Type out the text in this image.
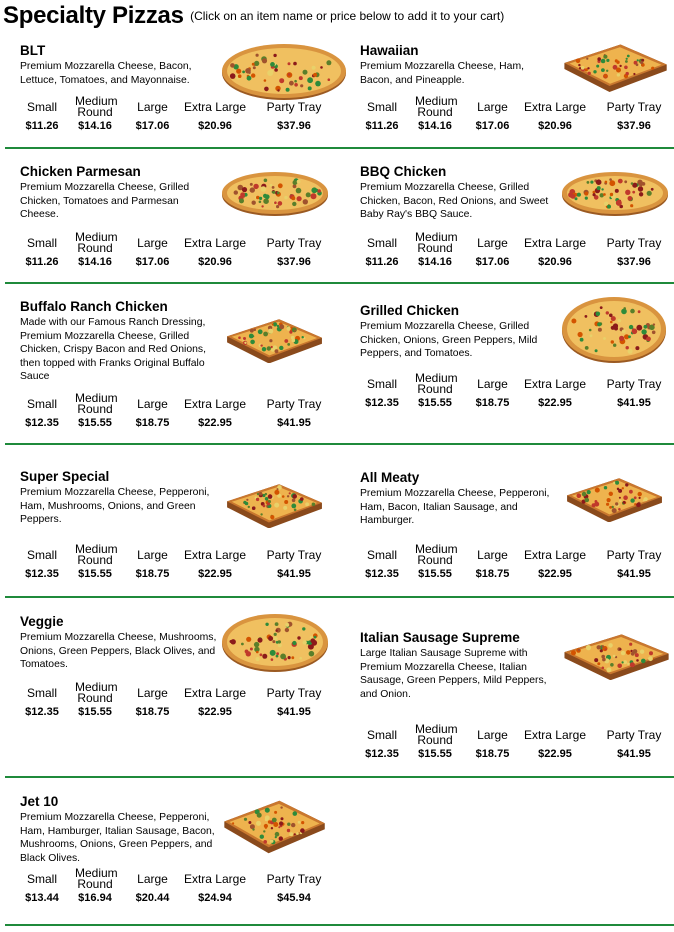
Specialty Pizzas (Click on an item name or price below to add it to your cart)
BLT
Premium Mozzarella Cheese, Bacon, Lettuce, Tomatoes, and Mayonnaise.
Small
$11.26
Medium Round
$14.16
Large
$17.06
Extra Large
$20.96
Party Tray
$37.96
Hawaiian
Premium Mozzarella Cheese, Ham, Bacon, and Pineapple.
Small
$11.26
Medium Round
$14.16
Large
$17.06
Extra Large
$20.96
Party Tray
$37.96
Chicken Parmesan
Premium Mozzarella Cheese, Grilled Chicken, Tomatoes and Parmesan Cheese.
Small
$11.26
Medium Round
$14.16
Large
$17.06
Extra Large
$20.96
Party Tray
$37.96
BBQ Chicken
Premium Mozzarella Cheese, Grilled Chicken, Bacon, Red Onions, and Sweet Baby Ray's BBQ Sauce.
Small
$11.26
Medium Round
$14.16
Large
$17.06
Extra Large
$20.96
Party Tray
$37.96
Buffalo Ranch Chicken
Made with our Famous Ranch Dressing, Premium Mozzarella Cheese, Grilled Chicken, Crispy Bacon and Red Onions, then topped with Franks Original Buffalo Sauce
Small
$12.35
Medium Round
$15.55
Large
$18.75
Extra Large
$22.95
Party Tray
$41.95
Grilled Chicken
Premium Mozzarella Cheese, Grilled Chicken, Onions, Green Peppers, Mild Peppers, and Tomatoes.
Small
$12.35
Medium Round
$15.55
Large
$18.75
Extra Large
$22.95
Party Tray
$41.95
Super Special
Premium Mozzarella Cheese, Pepperoni, Ham, Mushrooms, Onions, and Green Peppers.
Small
$12.35
Medium Round
$15.55
Large
$18.75
Extra Large
$22.95
Party Tray
$41.95
All Meaty
Premium Mozzarella Cheese, Pepperoni, Ham, Bacon, Italian Sausage, and Hamburger.
Small
$12.35
Medium Round
$15.55
Large
$18.75
Extra Large
$22.95
Party Tray
$41.95
Veggie
Premium Mozzarella Cheese, Mushrooms, Onions, Green Peppers, Black Olives, and Tomatoes.
Small
$12.35
Medium Round
$15.55
Large
$18.75
Extra Large
$22.95
Party Tray
$41.95
Italian Sausage Supreme
Large Italian Sausage Supreme with Premium Mozzarella Cheese, Italian Sausage, Green Peppers, Mild Peppers, and Onion.
Small
$12.35
Medium Round
$15.55
Large
$18.75
Extra Large
$22.95
Party Tray
$41.95
Jet 10
Premium Mozzarella Cheese, Pepperoni, Ham, Hamburger, Italian Sausage, Bacon, Mushrooms, Onions, Green Peppers, and Black Olives.
Small
$13.44
Medium Round
$16.94
Large
$20.44
Extra Large
$24.94
Party Tray
$45.94
